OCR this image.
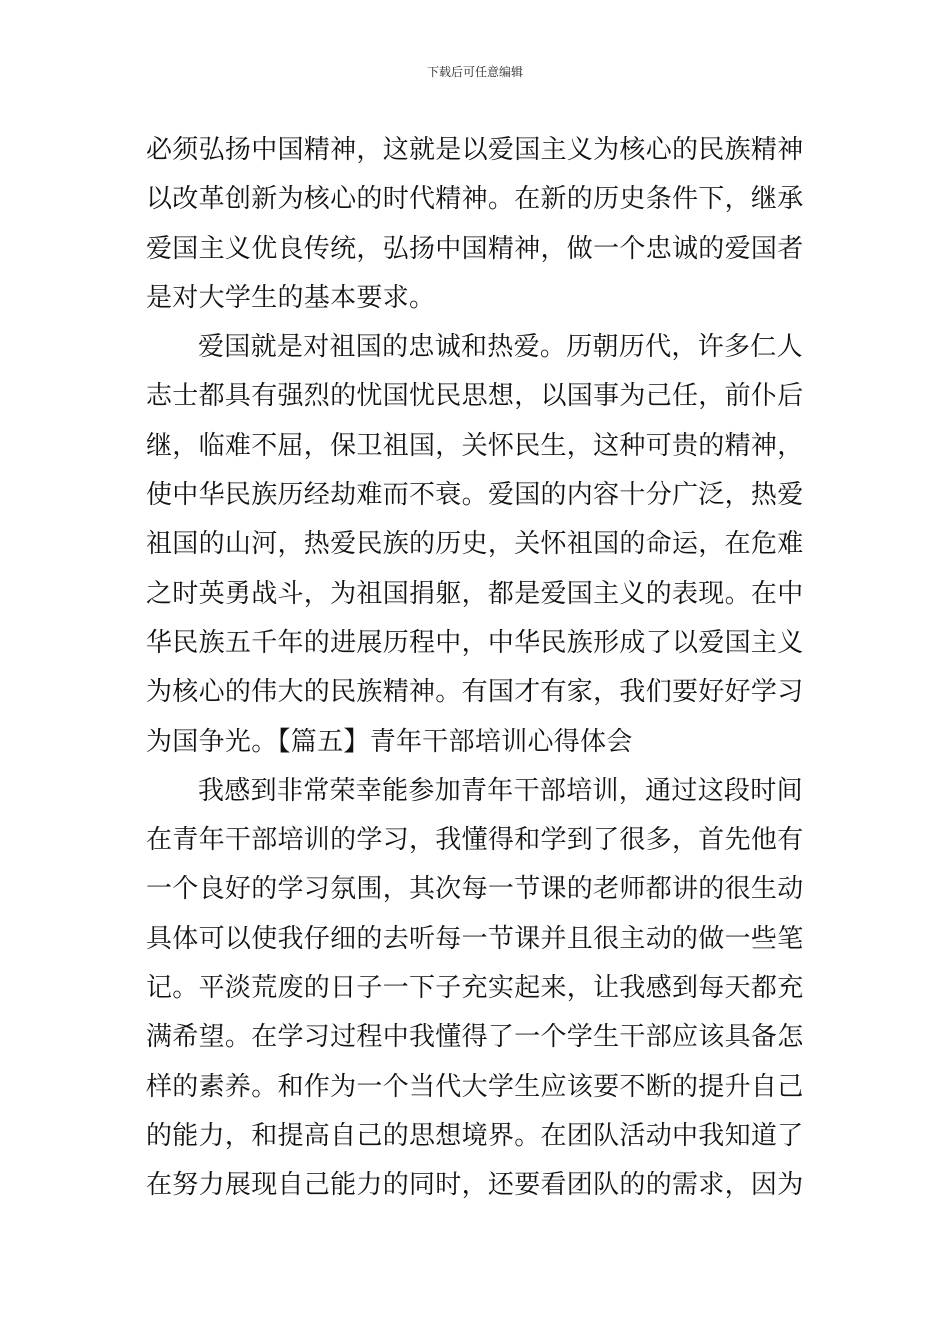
下载后可任意编辑
必须弘扬中国精神，这就是以爱国主义为核心的民族精神
以改革创新为核心的时代精神。在新的历史条件下，继承
爱国主义优良传统，弘扬中国精神，做一个忠诚的爱国者
是对大学生的基本要求。
爱国就是对祖国的忠诚和热爱。历朝历代，许多仁人
志士都具有强烈的忧国忧民思想，以国事为己任，前仆后
继，临难不屈，保卫祖国，关怀民生，这种可贵的精神，
使中华民族历经劫难而不衰。爱国的内容十分广泛，热爱
祖国的山河，热爱民族的历史，关怀祖国的命运，在危难
之时英勇战斗，为祖国捐躯，都是爱国主义的表现。在中
华民族五千年的进展历程中，中华民族形成了以爱国主义
为核心的伟大的民族精神。有国才有家，我们要好好学习
为国争光。【篇五】青年干部培训心得体会
我感到非常荣幸能参加青年干部培训，通过这段时间
在青年干部培训的学习，我懂得和学到了很多，首先他有
一个良好的学习氛围，其次每一节课的老师都讲的很生动
具体可以使我仔细的去听每一节课并且很主动的做一些笔
记。平淡荒废的日子一下子充实起来，让我感到每天都充
满希望。在学习过程中我懂得了一个学生干部应该具备怎
样的素养。和作为一个当代大学生应该要不断的提升自己
的能力，和提高自己的思想境界。在团队活动中我知道了
在努力展现自己能力的同时，还要看团队的的需求，因为
